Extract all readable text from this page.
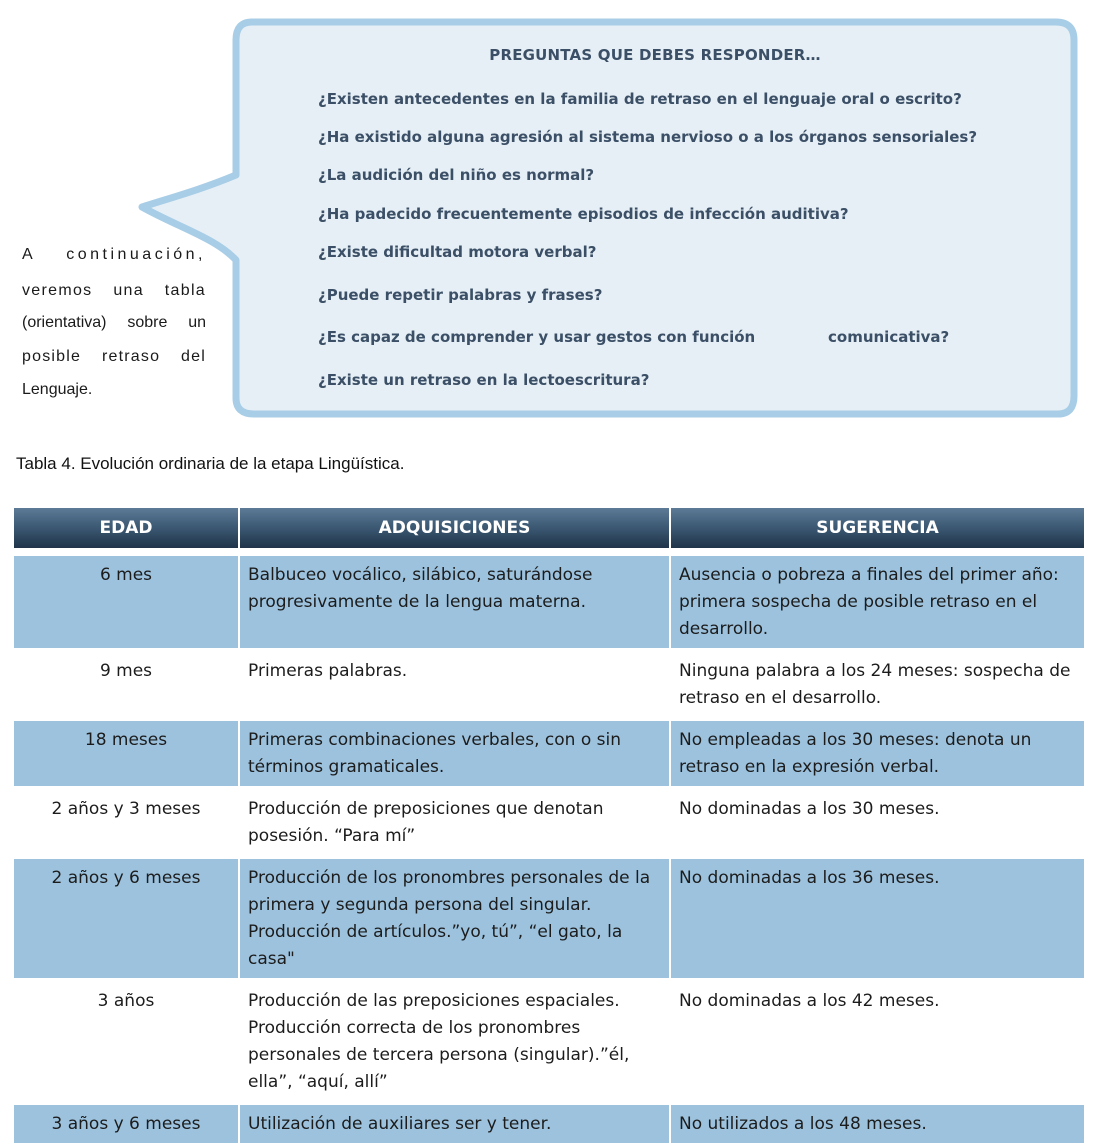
PREGUNTAS QUE DEBES RESPONDER…
¿Existen antecedentes en la familia de retraso en el lenguaje oral o escrito?
¿Ha existido alguna agresión al sistema nervioso o a los órganos sensoriales?
¿La audición del niño es normal?
¿Ha padecido frecuentemente episodios de infección auditiva?
¿Existe dificultad motora verbal?
¿Puede repetir palabras y frases?
¿Es capaz de comprender y usar gestos con función	comunicativa?
¿Existe un retraso en la lectoescritura?
A continuación,
veremos una tabla
(orientativa) sobre un
posible retraso del
Lenguaje.
Tabla 4. Evolución ordinaria de la etapa Lingüística.
EDAD	ADQUISICIONES	SUGERENCIA
6 mes	Balbuceo vocálico, silábico, saturándose progresivamente de la lengua materna.	Ausencia o pobreza a finales del primer año: primera sospecha de posible retraso en el desarrollo.
9 mes	Primeras palabras.	Ninguna palabra a los 24 meses: sospecha de retraso en el desarrollo.
18 meses	Primeras combinaciones verbales, con o sin términos gramaticales.	No empleadas a los 30 meses: denota un retraso en la expresión verbal.
2 años y 3 meses	Producción de preposiciones que denotan posesión. “Para mí”	No dominadas a los 30 meses.
2 años y 6 meses	Producción de los pronombres personales de la primera y segunda persona del singular. Producción de artículos.”yo, tú”, “el gato, la casa"	No dominadas a los 36 meses.
3 años	Producción de las preposiciones espaciales. Producción correcta de los pronombres personales de tercera persona (singular).”él, ella”, “aquí, allí”	No dominadas a los 42 meses.
3 años y 6 meses	Utilización de auxiliares ser y tener.	No utilizados a los 48 meses.
